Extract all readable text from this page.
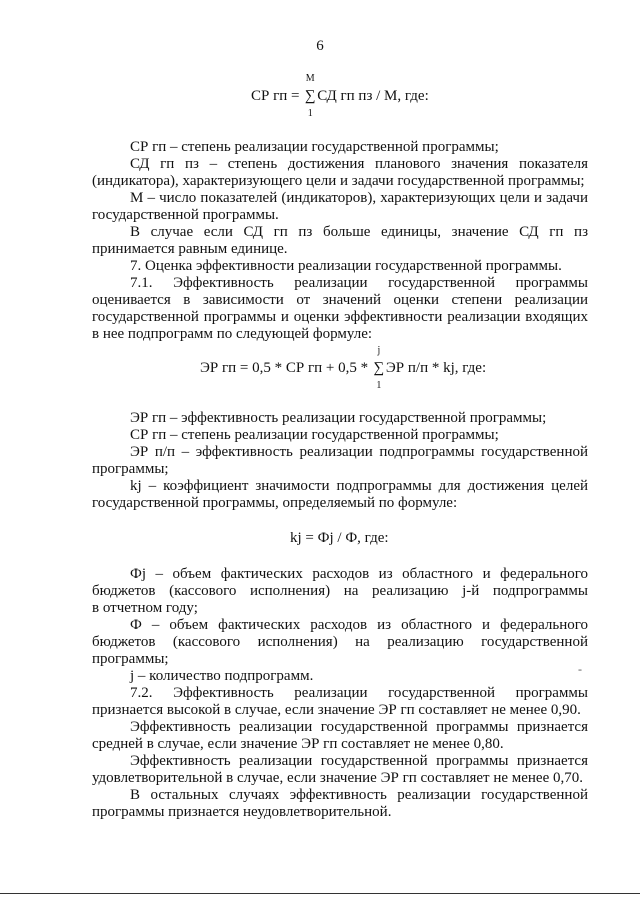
6
СР гп =
М
∑
1
СД гп пз / М, где:

СР гп – степень реализации государственной программы;

СД гп пз – степень достижения планового значения показателя
(индикатора), характеризующего цели и задачи государственной программы;

М – число показателей (индикаторов), характеризующих цели и задачи
государственной программы.

В случае если СД гп пз больше единицы, значение СД гп пз
принимается равным единице.

7. Оценка эффективности реализации государственной программы.

7.1. Эффективность реализации государственной программы
оценивается в зависимости от значений оценки степени реализации
государственной программы и оценки эффективности реализации входящих
в нее подпрограмм по следующей формуле:

ЭР гп = 0,5 * СР гп + 0,5 *
j
∑
1
ЭР п/п * kj, где:

ЭР гп – эффективность реализации государственной программы;

СР гп – степень реализации государственной программы;

ЭР п/п – эффективность реализации подпрограммы государственной
программы;

kj – коэффициент значимости подпрограммы для достижения целей
государственной программы, определяемый по формуле:

kj = Фj / Ф, где:

Фj – объем фактических расходов из областного и федерального
бюджетов (кассового исполнения) на реализацию j-й подпрограммы
в отчетном году;

Ф – объем фактических расходов из областного и федерального
бюджетов (кассового исполнения) на реализацию государственной
программы;

-

j – количество подпрограмм.

7.2. Эффективность реализации государственной программы
признается высокой в случае, если значение ЭР гп составляет не менее 0,90.

Эффективность реализации государственной программы признается
средней в случае, если значение ЭР гп составляет не менее 0,80.

Эффективность реализации государственной программы признается
удовлетворительной в случае, если значение ЭР гп составляет не менее 0,70.

В остальных случаях эффективность реализации государственной
программы признается неудовлетворительной.
